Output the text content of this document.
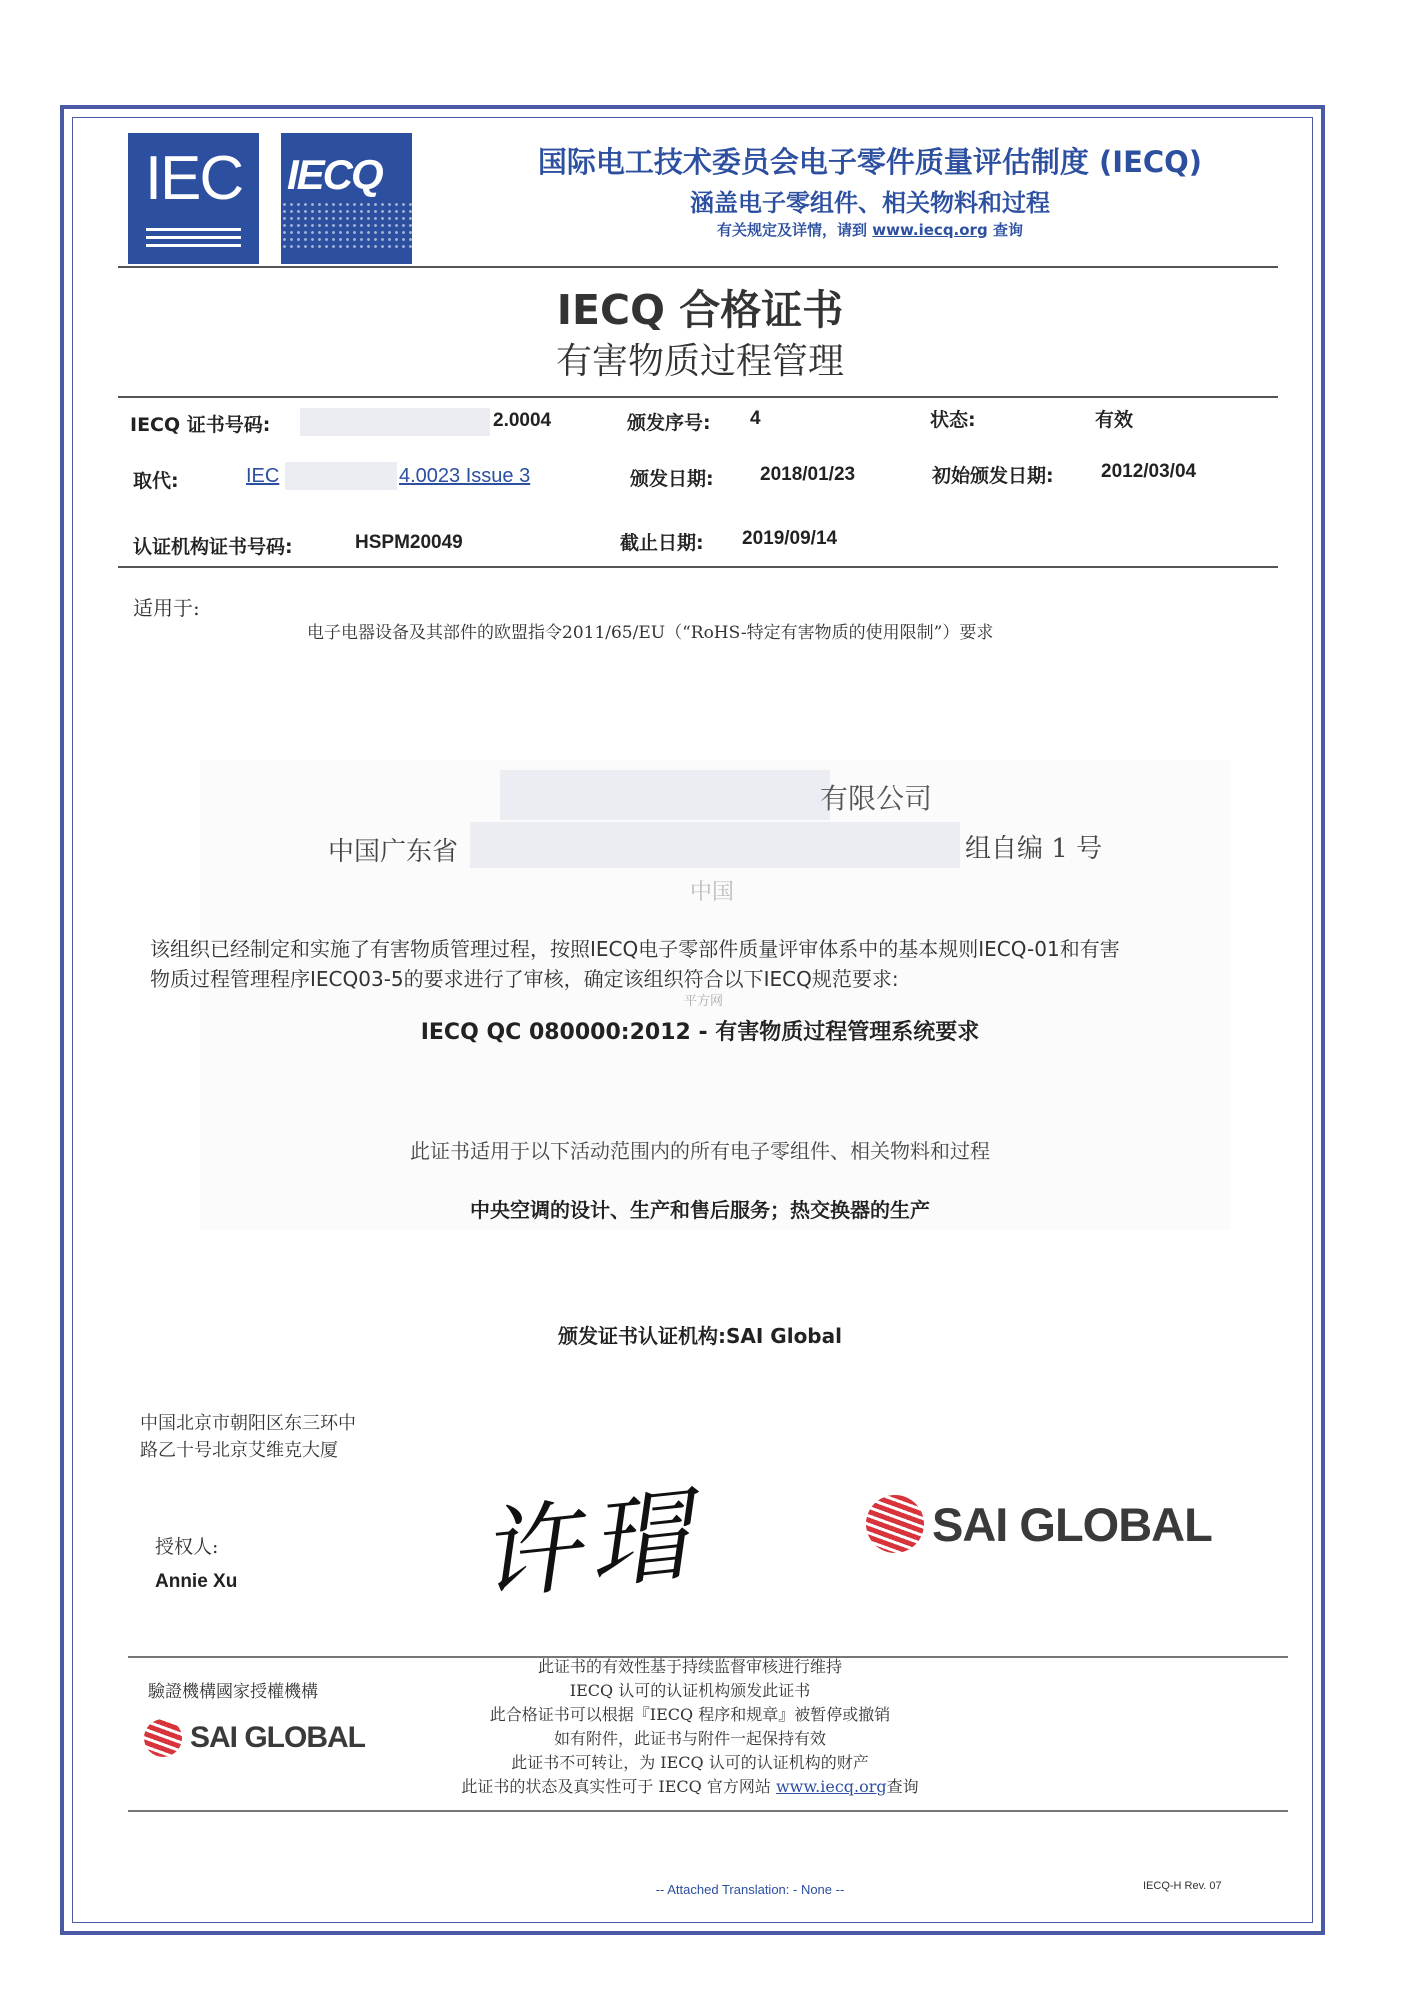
IEC	IECQ	国际电工技术委员会电子零件质量评估制度 (IECQ)
涵盖电子零组件、相关物料和过程
有关规定及详情，请到 www.iecq.org 查询
IECQ 合格证书
有害物质过程管理
IECQ 证书号码:	2.0004	颁发序号: 4	状态:	有效
取代:	IEC	4.0023 Issue 3	颁发日期: 2018/01/23	初始颁发日期: 2012/03/04
认证机构证书号码:	HSPM20049	截止日期: 2019/09/14
适用于:
电子电器设备及其部件的欧盟指令2011/65/EU（“RoHS-特定有害物质的使用限制”）要求
有限公司
中国广东省	组自编 1 号
中国
该组织已经制定和实施了有害物质管理过程，按照IECQ电子零部件质量评审体系中的基本规则IECQ-01和有害
物质过程管理程序IECQ03-5的要求进行了审核，确定该组织符合以下IECQ规范要求:
平方网
IECQ QC 080000:2012 - 有害物质过程管理系统要求
此证书适用于以下活动范围内的所有电子零组件、相关物料和过程
中央空调的设计、生产和售后服务；热交换器的生产
颁发证书认证机构:SAI Global
中国北京市朝阳区东三环中
路乙十号北京艾维克大厦
授权人:
Annie Xu 许瑁	SAI GLOBAL
驗證機構國家授權機構
SAI GLOBAL
此证书的有效性基于持续监督审核进行维持
IECQ 认可的认证机构颁发此证书
此合格证书可以根据『IECQ 程序和规章』被暂停或撤销
如有附件，此证书与附件一起保持有效
此证书不可转让，为 IECQ 认可的认证机构的财产
此证书的状态及真实性可于 IECQ 官方网站 www.iecq.org查询
-- Attached Translation: - None --	IECQ-H Rev. 07
